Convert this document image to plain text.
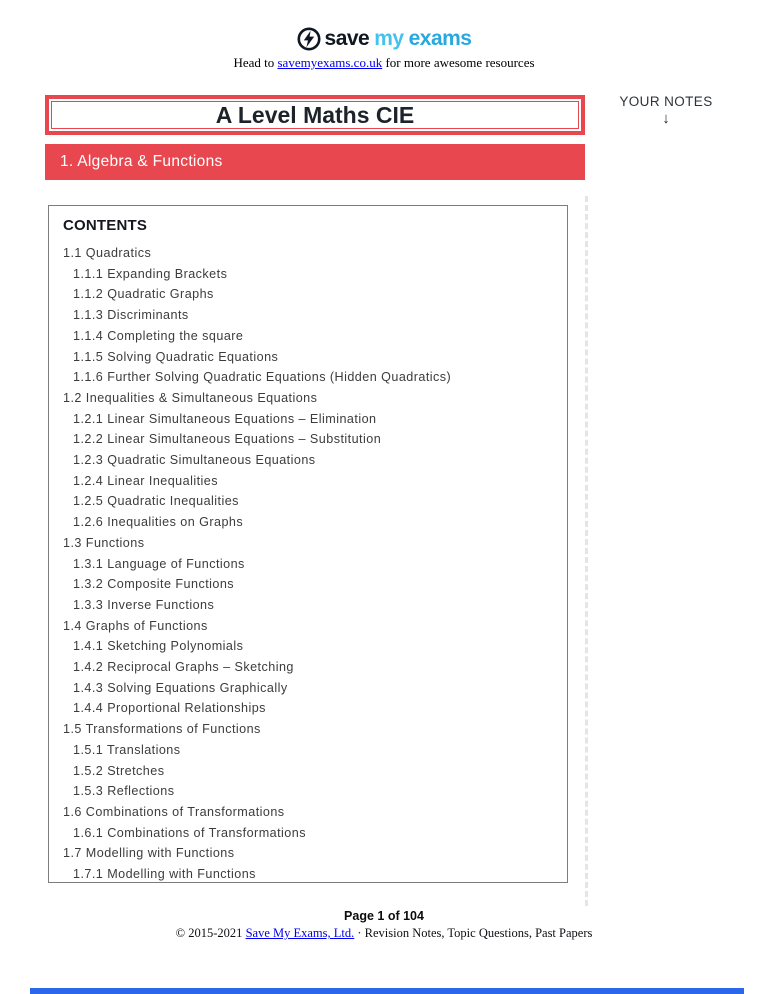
save my exams
Head to savemyexams.co.uk for more awesome resources
A Level Maths CIE
1. Algebra & Functions
YOUR NOTES
↓
CONTENTS
1.1 Quadratics
1.1.1 Expanding Brackets
1.1.2 Quadratic Graphs
1.1.3 Discriminants
1.1.4 Completing the square
1.1.5 Solving Quadratic Equations
1.1.6 Further Solving Quadratic Equations (Hidden Quadratics)
1.2 Inequalities & Simultaneous Equations
1.2.1 Linear Simultaneous Equations – Elimination
1.2.2 Linear Simultaneous Equations – Substitution
1.2.3 Quadratic Simultaneous Equations
1.2.4 Linear Inequalities
1.2.5 Quadratic Inequalities
1.2.6 Inequalities on Graphs
1.3 Functions
1.3.1 Language of Functions
1.3.2 Composite Functions
1.3.3 Inverse Functions
1.4 Graphs of Functions
1.4.1 Sketching Polynomials
1.4.2 Reciprocal Graphs – Sketching
1.4.3 Solving Equations Graphically
1.4.4 Proportional Relationships
1.5 Transformations of Functions
1.5.1 Translations
1.5.2 Stretches
1.5.3 Reflections
1.6 Combinations of Transformations
1.6.1 Combinations of Transformations
1.7 Modelling with Functions
1.7.1 Modelling with Functions
Page 1 of 104
© 2015-2021 Save My Exams, Ltd. · Revision Notes, Topic Questions, Past Papers
